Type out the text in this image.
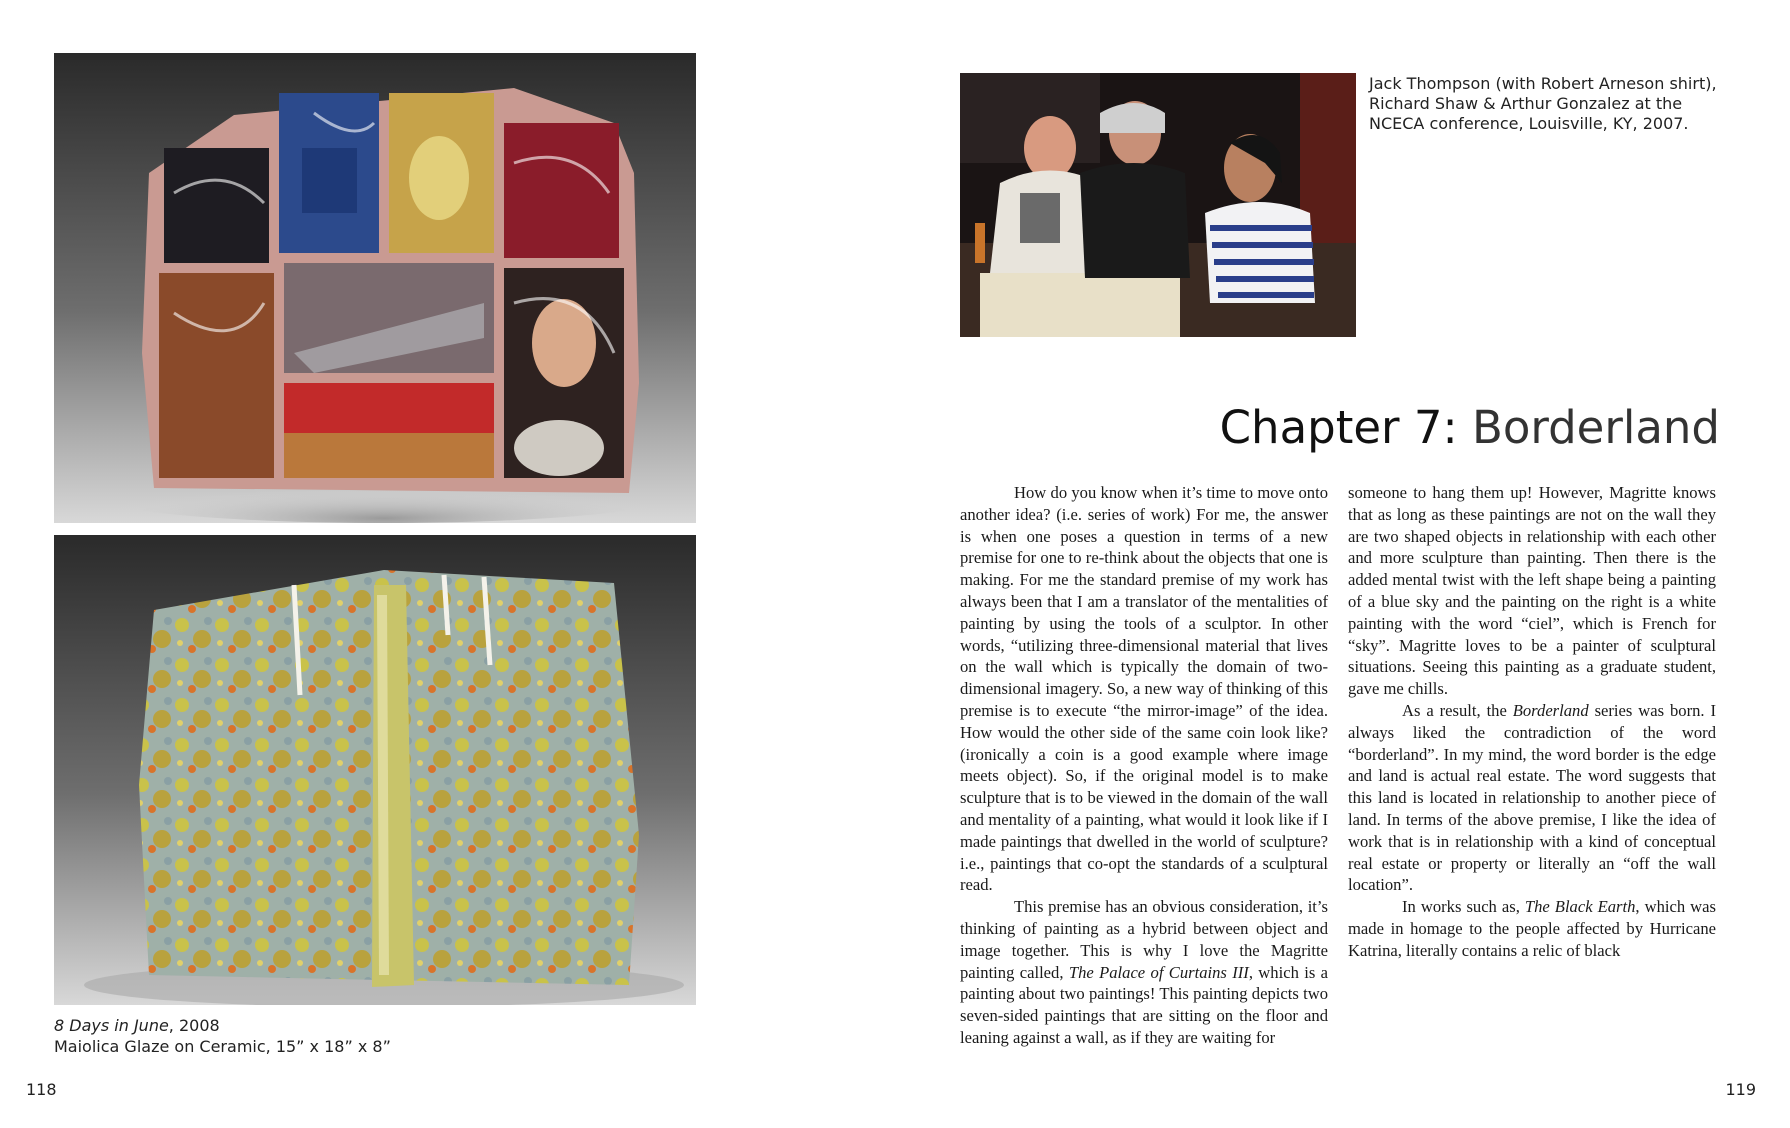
8 Days in June, 2008
Maiolica Glaze on Ceramic, 15” x 18” x 8”
118
Jack Thompson (with Robert Arneson shirt), Richard Shaw & Arthur Gonzalez at the NCECA conference, Louisville, KY, 2007.
Chapter 7: Borderland

How do you know when it’s time to move onto another idea? (i.e. series of work) For me, the answer is when one poses a question in terms of a new premise for one to re-think about the objects that one is making. For me the standard premise of my work has always been that I am a translator of the mentalities of painting by using the tools of a sculptor. In other words, “utilizing three-dimensional material that lives on the wall which is typically the domain of two-dimensional imagery. So, a new way of thinking of this premise is to execute “the mirror-image” of the idea. How would the other side of the same coin look like? (ironically a coin is a good example where image meets object). So, if the original model is to make sculpture that is to be viewed in the domain of the wall and mentality of a painting, what would it look like if I made paintings that dwelled in the world of sculpture? i.e., paintings that co-opt the standards of a sculptural read.

This premise has an obvious consideration, it’s thinking of painting as a hybrid between object and image together. This is why I love the Magritte painting called, The Palace of Curtains III, which is a painting about two paintings! This painting depicts two seven-sided paintings that are sitting on the floor and leaning against a wall, as if they are waiting for

someone to hang them up! However, Magritte knows that as long as these paintings are not on the wall they are two shaped objects in relationship with each other and more sculpture than painting. Then there is the added mental twist with the left shape being a painting of a blue sky and the painting on the right is a white painting with the word “ciel”, which is French for “sky”. Magritte loves to be a painter of sculptural situations. Seeing this painting as a graduate student, gave me chills.

As a result, the Borderland series was born. I always liked the contradiction of the word “borderland”. In my mind, the word border is the edge and land is actual real estate. The word suggests that this land is located in relationship to another piece of land. In terms of the above premise, I like the idea of work that is in relationship with a kind of conceptual real estate or property or literally an “off the wall location”.

In works such as, The Black Earth, which was made in homage to the people affected by Hurricane Katrina, literally contains a relic of black

119
